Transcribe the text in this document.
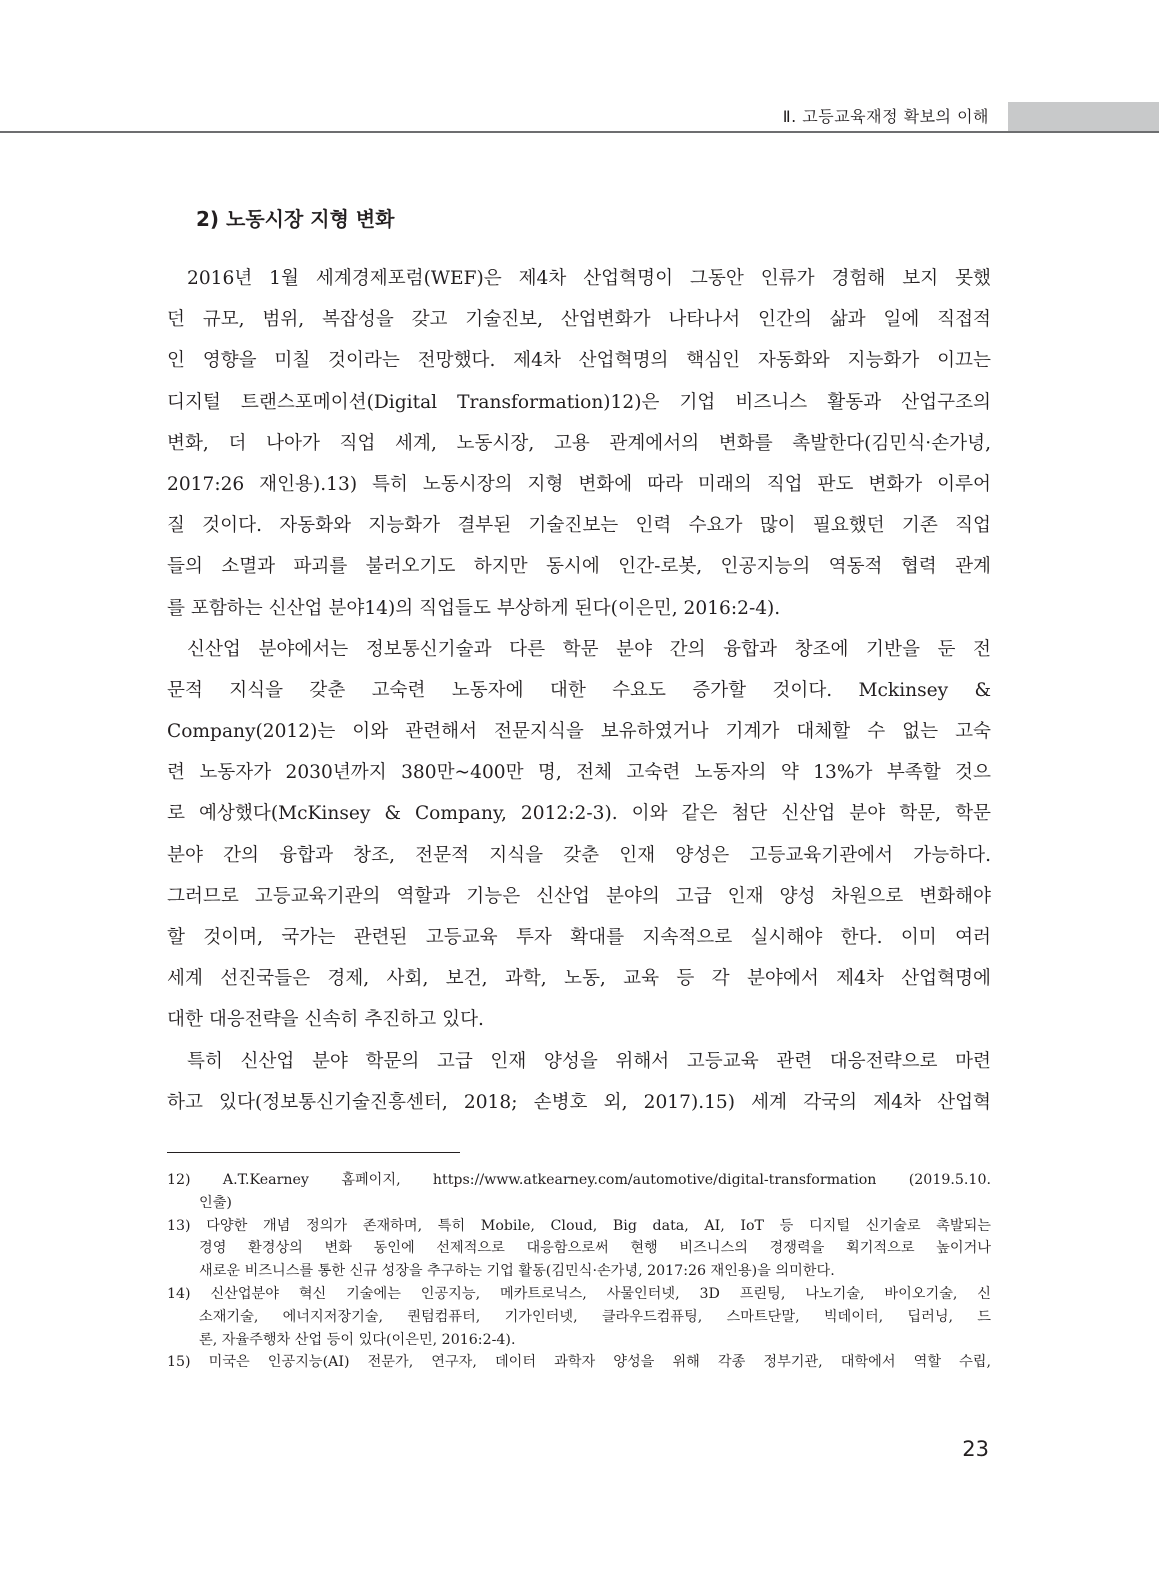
Ⅱ. 고등교육재정 확보의 이해
2) 노동시장 지형 변화
2016년 1월 세계경제포럼(WEF)은 제4차 산업혁명이 그동안 인류가 경험해 보지 못했
던 규모, 범위, 복잡성을 갖고 기술진보, 산업변화가 나타나서 인간의 삶과 일에 직접적
인 영향을 미칠 것이라는 전망했다. 제4차 산업혁명의 핵심인 자동화와 지능화가 이끄는
디지털 트랜스포메이션(Digital Transformation)12)은 기업 비즈니스 활동과 산업구조의
변화, 더 나아가 직업 세계, 노동시장, 고용 관계에서의 변화를 촉발한다(김민식·손가녕,
2017:26 재인용).13) 특히 노동시장의 지형 변화에 따라 미래의 직업 판도 변화가 이루어
질 것이다. 자동화와 지능화가 결부된 기술진보는 인력 수요가 많이 필요했던 기존 직업
들의 소멸과 파괴를 불러오기도 하지만 동시에 인간-로봇, 인공지능의 역동적 협력 관계
를 포함하는 신산업 분야14)의 직업들도 부상하게 된다(이은민, 2016:2-4).
신산업 분야에서는 정보통신기술과 다른 학문 분야 간의 융합과 창조에 기반을 둔 전
문적 지식을 갖춘 고숙련 노동자에 대한 수요도 증가할 것이다. Mckinsey &
Company(2012)는 이와 관련해서 전문지식을 보유하였거나 기계가 대체할 수 없는 고숙
련 노동자가 2030년까지 380만~400만 명, 전체 고숙련 노동자의 약 13%가 부족할 것으
로 예상했다(McKinsey & Company, 2012:2-3). 이와 같은 첨단 신산업 분야 학문, 학문
분야 간의 융합과 창조, 전문적 지식을 갖춘 인재 양성은 고등교육기관에서 가능하다.
그러므로 고등교육기관의 역할과 기능은 신산업 분야의 고급 인재 양성 차원으로 변화해야
할 것이며, 국가는 관련된 고등교육 투자 확대를 지속적으로 실시해야 한다. 이미 여러
세계 선진국들은 경제, 사회, 보건, 과학, 노동, 교육 등 각 분야에서 제4차 산업혁명에
대한 대응전략을 신속히 추진하고 있다.
특히 신산업 분야 학문의 고급 인재 양성을 위해서 고등교육 관련 대응전략으로 마련
하고 있다(정보통신기술진흥센터, 2018; 손병호 외, 2017).15) 세계 각국의 제4차 산업혁
12) A.T.Kearney 홈페이지, https://www.atkearney.com/automotive/digital-transformation (2019.5.10.
인출)
13) 다양한 개념 정의가 존재하며, 특히 Mobile, Cloud, Big data, AI, IoT 등 디지털 신기술로 촉발되는
경영 환경상의 변화 동인에 선제적으로 대응함으로써 현행 비즈니스의 경쟁력을 획기적으로 높이거나
새로운 비즈니스를 통한 신규 성장을 추구하는 기업 활동(김민식·손가녕, 2017:26 재인용)을 의미한다.
14) 신산업분야 혁신 기술에는 인공지능, 메카트로닉스, 사물인터넷, 3D 프린팅, 나노기술, 바이오기술, 신
소재기술, 에너지저장기술, 퀀텀컴퓨터, 기가인터넷, 클라우드컴퓨팅, 스마트단말, 빅데이터, 딥러닝, 드
론, 자율주행차 산업 등이 있다(이은민, 2016:2-4).
15) 미국은 인공지능(AI) 전문가, 연구자, 데이터 과학자 양성을 위해 각종 정부기관, 대학에서 역할 수립,
23
